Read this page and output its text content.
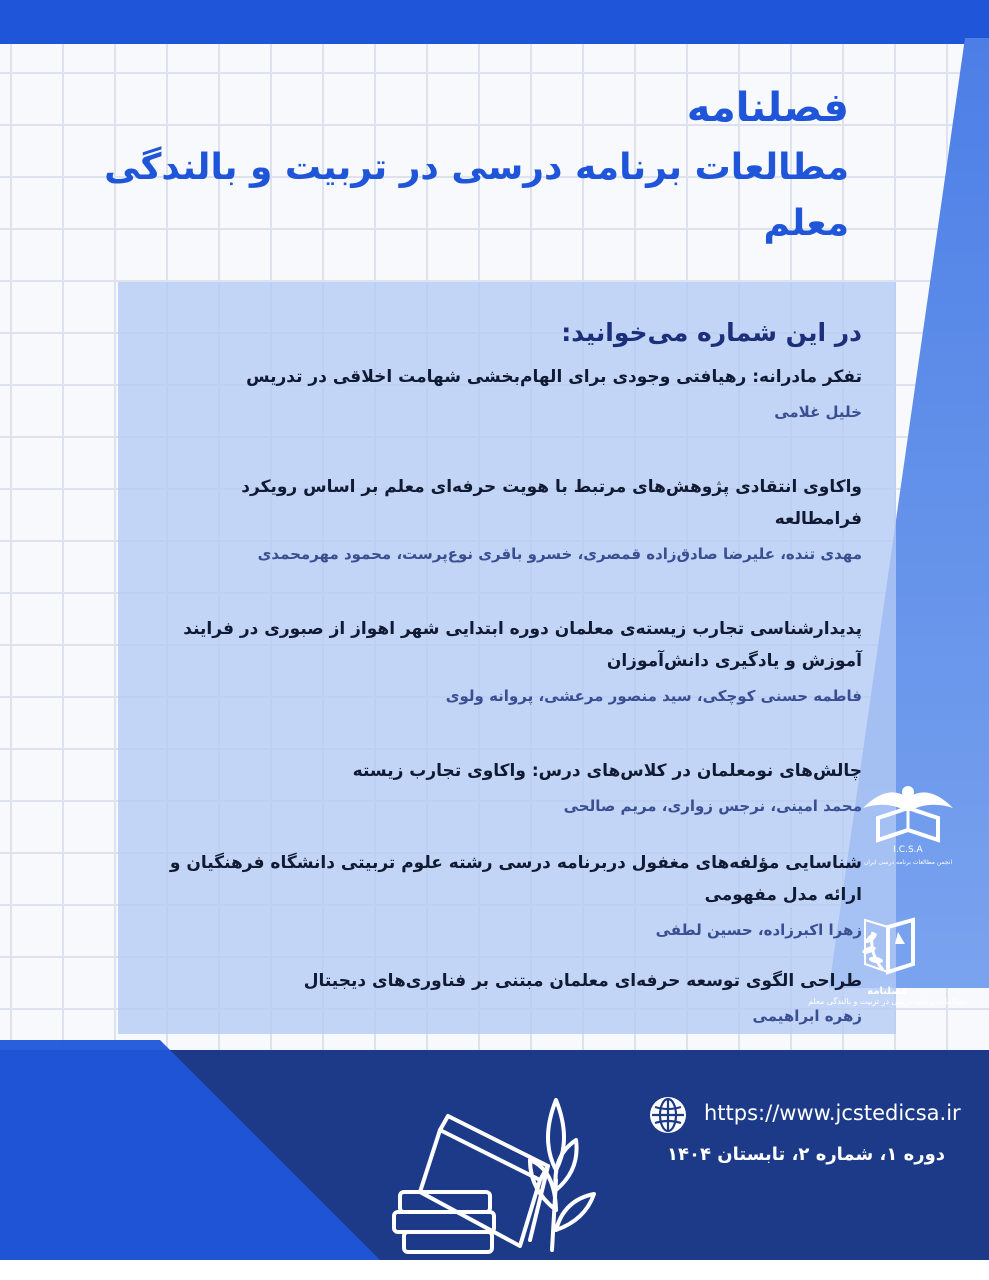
فصلنامه
مطالعات برنامه درسی در تربیت و بالندگی معلم
در این شماره می‌خوانید:
تفکر مادرانه: رهیافتی وجودی برای الهام‌بخشی شهامت اخلاقی در تدریس
خلیل غلامی
واکاوی انتقادی پژوهش‌های مرتبط با هویت حرفه‌ای معلم بر اساس رویکرد فرامطالعه
مهدی تنده، علیرضا صادق‌زاده قمصری، خسرو باقری نوع‌پرست، محمود مهرمحمدی
پدیدارشناسی تجارب زیسته‌ی معلمان دوره ابتدایی شهر اهواز از صبوری در فرایند آموزش و یادگیری دانش‌آموزان
فاطمه حسنی کوچکی، سید منصور مرعشی، پروانه ولوی
چالش‌های نومعلمان در کلاس‌های درس: واکاوی تجارب زیسته
محمد امینی، نرجس زواری، مریم صالحی
شناسایی مؤلفه‌های مغفول دربرنامه درسی رشته علوم تربیتی دانشگاه فرهنگیان و ارائه مدل مفهومی
زهرا اکبرزاده، حسین لطفی
طراحی الگوی توسعه حرفه‌ای معلمان مبتنی بر فناوری‌های دیجیتال
زهره ابراهیمی
I.C.S.A
انجمن مطالعات برنامه درسی ایران
فصلنامه
مطالعات برنامه درسی در تربیت و بالندگی معلم
https://www.jcstedicsa.ir
دوره ۱، شماره ۲، تابستان ۱۴۰۴
